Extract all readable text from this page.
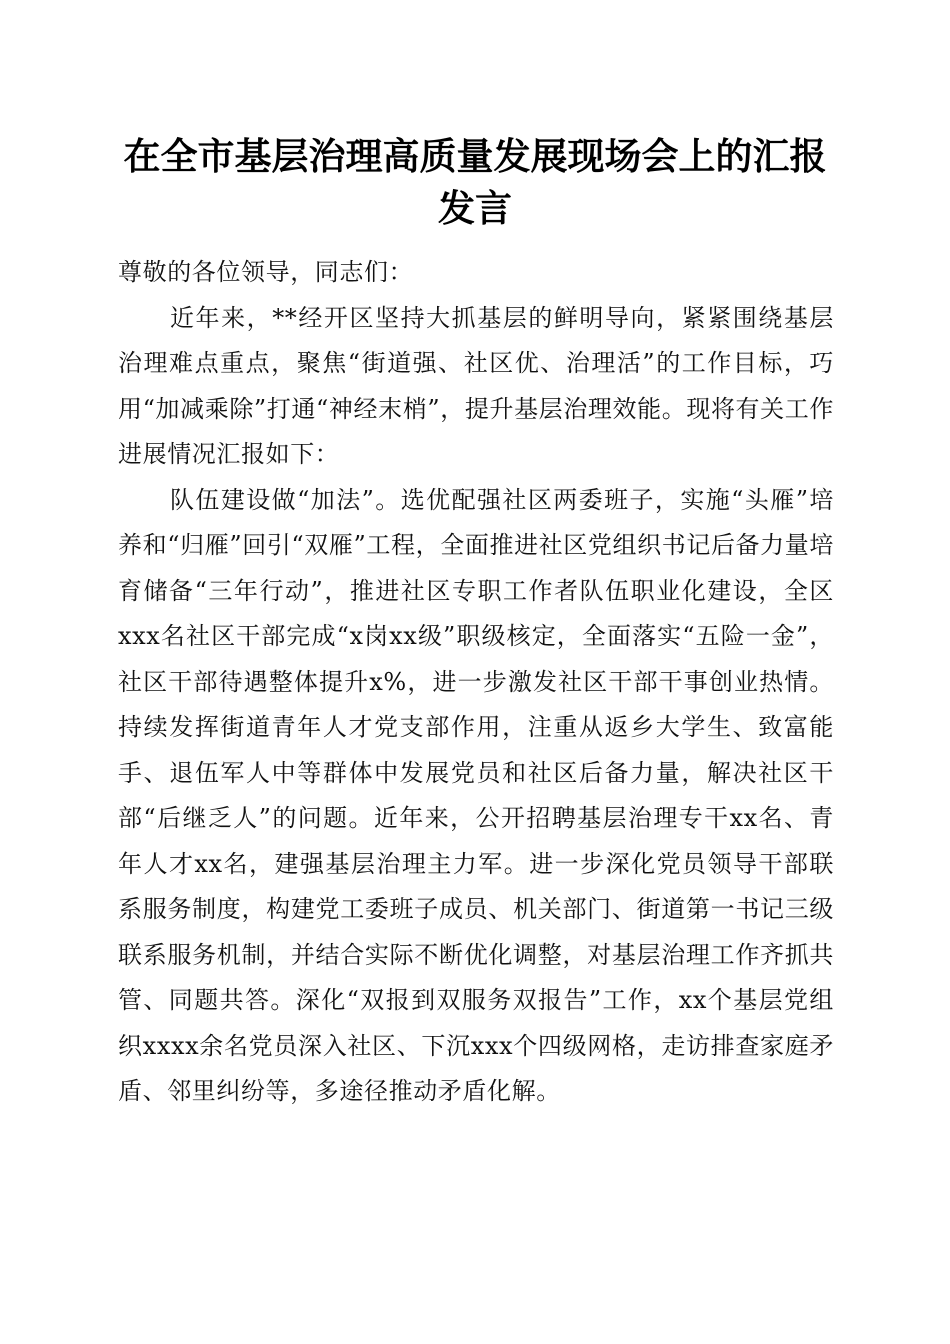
在全市基层治理高质量发展现场会上的汇报发言

尊敬的各位领导，同志们：

近年来，**经开区坚持大抓基层的鲜明导向，紧紧围绕基层治理难点重点，聚焦“街道强、社区优、治理活”的工作目标，巧用“加减乘除”打通“神经末梢”，提升基层治理效能。现将有关工作进展情况汇报如下：

队伍建设做“加法”。选优配强社区两委班子，实施“头雁”培养和“归雁”回引“双雁”工程，全面推进社区党组织书记后备力量培育储备“三年行动”，推进社区专职工作者队伍职业化建设，全区xxx名社区干部完成“x岗xx级”职级核定，全面落实“五险一金”，社区干部待遇整体提升x%，进一步激发社区干部干事创业热情。持续发挥街道青年人才党支部作用，注重从返乡大学生、致富能手、退伍军人中等群体中发展党员和社区后备力量，解决社区干部“后继乏人”的问题。近年来，公开招聘基层治理专干xx名、青年人才xx名，建强基层治理主力军。进一步深化党员领导干部联系服务制度，构建党工委班子成员、机关部门、街道第一书记三级联系服务机制，并结合实际不断优化调整，对基层治理工作齐抓共管、同题共答。深化“双报到双服务双报告”工作，xx个基层党组织xxxx余名党员深入社区、下沉xxx个四级网格，走访排查家庭矛盾、邻里纠纷等，多途径推动矛盾化解。
